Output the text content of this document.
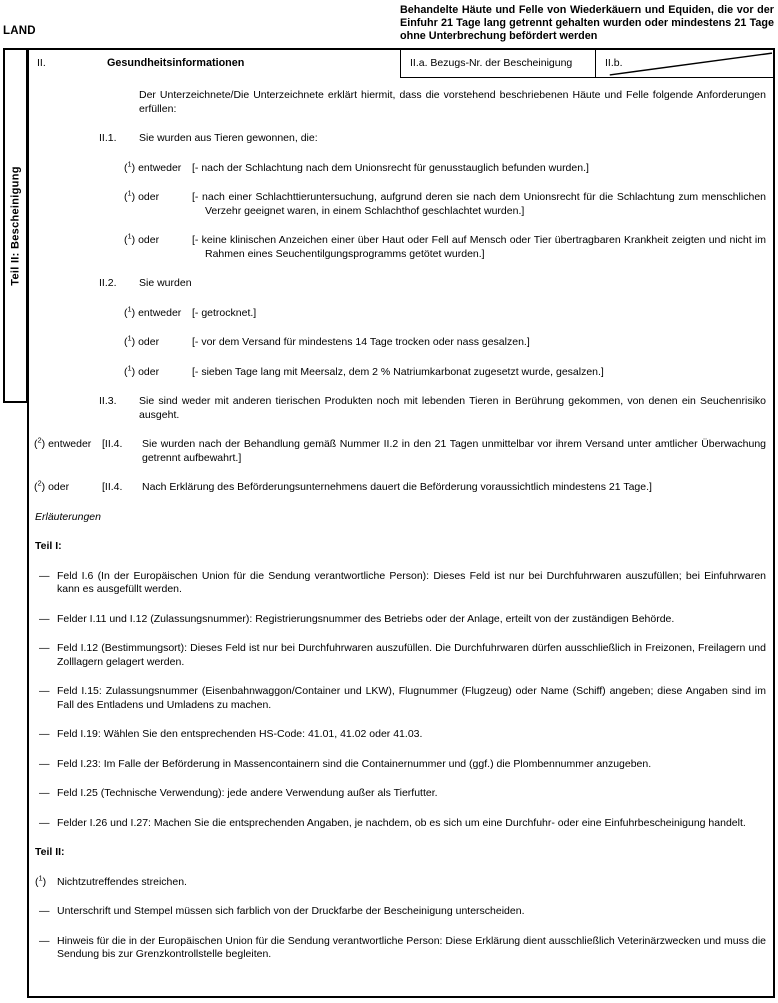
LAND
Behandelte Häute und Felle von Wiederkäuern und Equiden, die vor der Einfuhr 21 Tage lang getrennt gehalten wurden oder mindestens 21 Tage ohne Unterbrechung befördert werden
Teil II: Bescheinigung
II.	Gesundheitsinformationen	II.a. Bezugs-Nr. der Bescheinigung	II.b.
Der Unterzeichnete/Die Unterzeichnete erklärt hiermit, dass die vorstehend beschriebenen Häute und Felle folgende Anforderungen erfüllen:
II.1.	Sie wurden aus Tieren gewonnen, die:
($^1$) entweder	[- nach der Schlachtung nach dem Unionsrecht für genusstauglich befunden wurden.]
($^1$) oder	[- nach einer Schlachttieruntersuchung, aufgrund deren sie nach dem Unionsrecht für die Schlachtung zum menschlichen Verzehr geeignet waren, in einem Schlachthof geschlachtet wurden.]
($^1$) oder	[- keine klinischen Anzeichen einer über Haut oder Fell auf Mensch oder Tier übertragbaren Krankheit zeigten und nicht im Rahmen eines Seuchentilgungsprogramms getötet wurden.]
II.2.	Sie wurden
($^1$) entweder	[- getrocknet.]
($^1$) oder	[- vor dem Versand für mindestens 14 Tage trocken oder nass gesalzen.]
($^1$) oder	[- sieben Tage lang mit Meersalz, dem 2 % Natriumkarbonat zugesetzt wurde, gesalzen.]
II.3.	Sie sind weder mit anderen tierischen Produkten noch mit lebenden Tieren in Berührung gekommen, von denen ein Seuchenrisiko ausgeht.
($^2$) entweder	[II.4.	Sie wurden nach der Behandlung gemäß Nummer II.2 in den 21 Tagen unmittelbar vor ihrem Versand unter amtlicher Überwachung getrennt aufbewahrt.]
($^2$) oder	[II.4.	Nach Erklärung des Beförderungsunternehmens dauert die Beförderung voraussichtlich mindestens 21 Tage.]
Erläuterungen
Teil I:
— Feld I.6 (In der Europäischen Union für die Sendung verantwortliche Person): Dieses Feld ist nur bei Durchfuhrwaren auszufüllen; bei Einfuhrwaren kann es ausgefüllt werden.
— Felder I.11 und I.12 (Zulassungsnummer): Registrierungsnummer des Betriebs oder der Anlage, erteilt von der zuständigen Behörde.
— Feld I.12 (Bestimmungsort): Dieses Feld ist nur bei Durchfuhrwaren auszufüllen. Die Durchfuhrwaren dürfen ausschließlich in Freizonen, Freilagern und Zolllagern gelagert werden.
— Feld I.15: Zulassungsnummer (Eisenbahnwaggon/Container und LKW), Flugnummer (Flugzeug) oder Name (Schiff) angeben; diese Angaben sind im Fall des Entladens und Umladens zu machen.
— Feld I.19: Wählen Sie den entsprechenden HS-Code: 41.01, 41.02 oder 41.03.
— Feld I.23: Im Falle der Beförderung in Massencontainern sind die Containernummer und (ggf.) die Plombennummer anzugeben.
— Feld I.25 (Technische Verwendung): jede andere Verwendung außer als Tierfutter.
— Felder I.26 und I.27: Machen Sie die entsprechenden Angaben, je nachdem, ob es sich um eine Durchfuhr- oder eine Einfuhrbescheinigung handelt.
Teil II:
($^1$)	Nichtzutreffendes streichen.
— Unterschrift und Stempel müssen sich farblich von der Druckfarbe der Bescheinigung unterscheiden.
— Hinweis für die in der Europäischen Union für die Sendung verantwortliche Person: Diese Erklärung dient ausschließlich Veterinärzwecken und muss die Sendung bis zur Grenzkontrollstelle begleiten.
